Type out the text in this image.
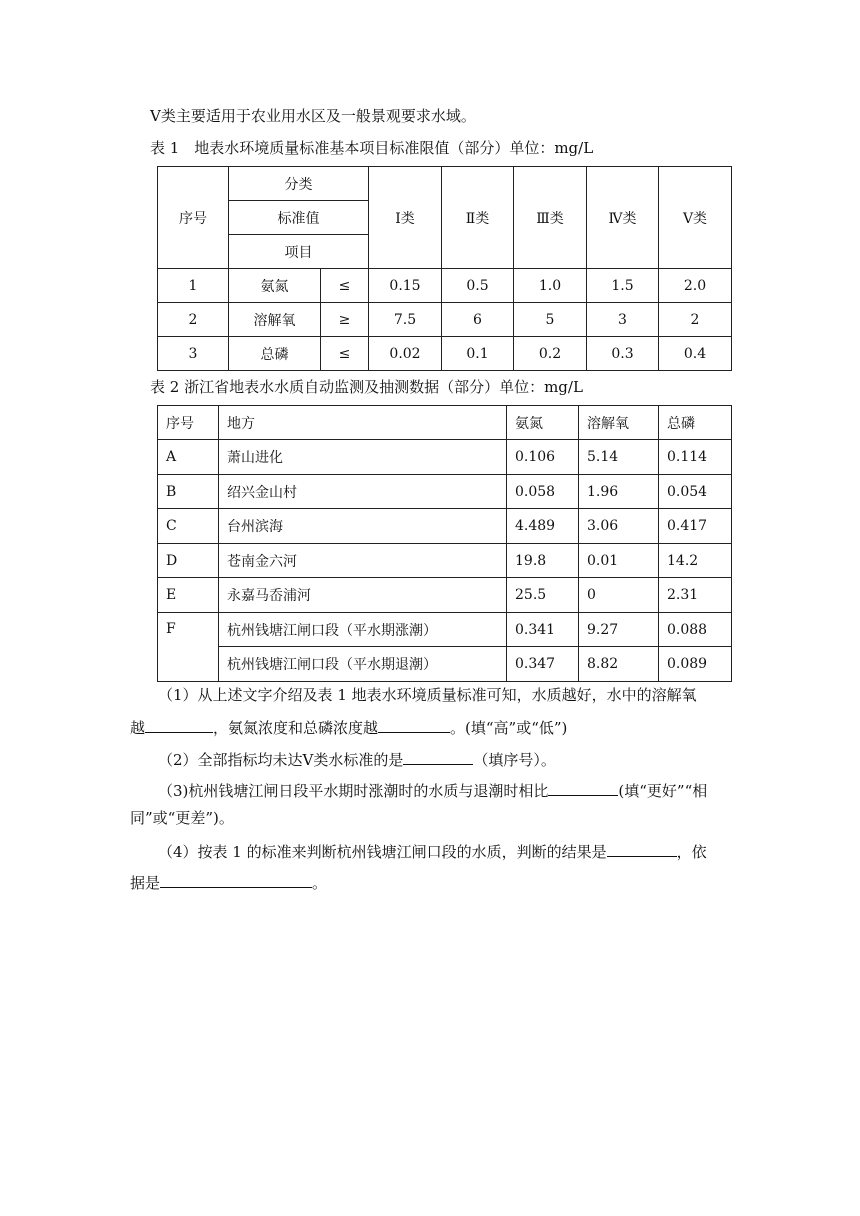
Ⅴ类主要适用于农业用水区及一般景观要求水域。
表 1　地表水环境质量标准基本项目标准限值（部分）单位：mg/L
序号	分类		Ⅰ类	Ⅱ类	Ⅲ类	Ⅳ类	Ⅴ类
	标准值						
	项目						
1	氨氮	≤	0.15	0.5	1.0	1.5	2.0
2	溶解氧	≥	7.5	6	5	3	2
3	总磷	≤	0.02	0.1	0.2	0.3	0.4
表 2 浙江省地表水水质自动监测及抽测数据（部分）单位：mg/L
序号	地方	氨氮	溶解氧	总磷
A	萧山进化	0.106	5.14	0.114
B	绍兴金山村	0.058	1.96	0.054
C	台州滨海	4.489	3.06	0.417
D	苍南金六河	19.8	0.01	14.2
E	永嘉马岙浦河	25.5	0	2.31
F	杭州钱塘江闸口段（平水期涨潮）	0.341	9.27	0.088
	杭州钱塘江闸口段（平水期退潮）	0.347	8.82	0.089
（1）从上述文字介绍及表 1 地表水环境质量标准可知，水质越好，水中的溶解氧
越	，氨氮浓度和总磷浓度越	。(填“高”或“低”)
（2）全部指标均未达Ⅴ类水标准的是	（填序号）。
（3)杭州钱塘江闸日段平水期时涨潮时的水质与退潮时相比	(填“更好”“相
同”或“更差”)。
（4）按表 1 的标准来判断杭州钱塘江闸口段的水质，判断的结果是	，依
据是	。
